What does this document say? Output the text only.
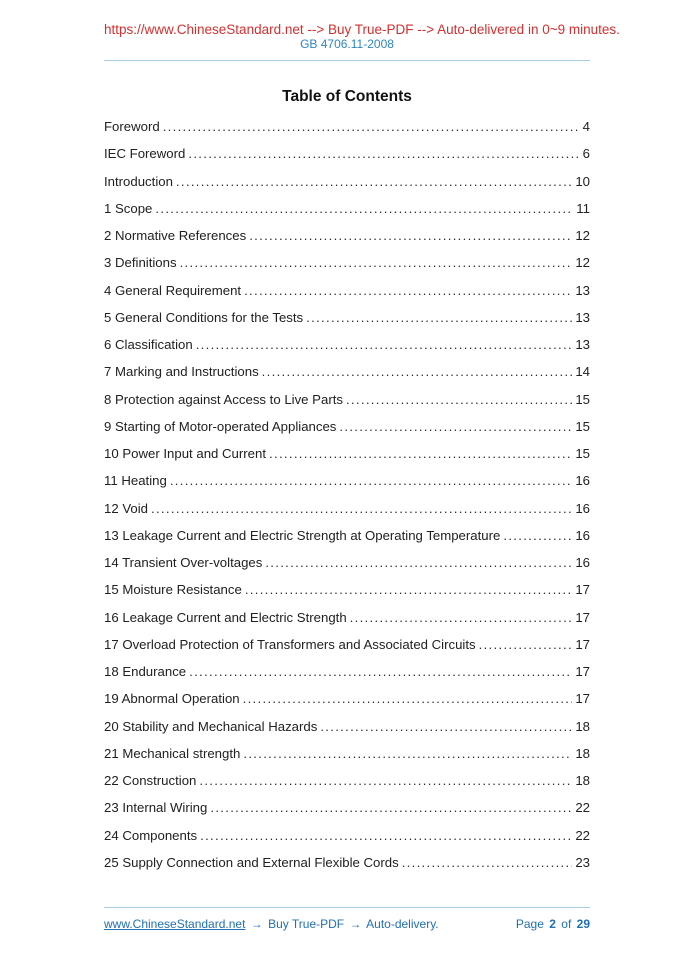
https://www.ChineseStandard.net --> Buy True-PDF --> Auto-delivered in 0~9 minutes.
GB 4706.11-2008
Table of Contents
Foreword .....	4
IEC Foreword .....	6
Introduction .....	10
1 Scope .....	11
2 Normative References .....	12
3 Definitions .....	12
4 General Requirement .....	13
5 General Conditions for the Tests .....	13
6 Classification .....	13
7 Marking and Instructions .....	14
8 Protection against Access to Live Parts .....	15
9 Starting of Motor-operated Appliances .....	15
10 Power Input and Current .....	15
11 Heating .....	16
12 Void .....	16
13 Leakage Current and Electric Strength at Operating Temperature .....	16
14 Transient Over-voltages .....	16
15 Moisture Resistance .....	17
16 Leakage Current and Electric Strength .....	17
17 Overload Protection of Transformers and Associated Circuits .....	17
18 Endurance .....	17
19 Abnormal Operation .....	17
20 Stability and Mechanical Hazards .....	18
21 Mechanical strength .....	18
22 Construction .....	18
23 Internal Wiring .....	22
24 Components .....	22
25 Supply Connection and External Flexible Cords .....	23
www.ChineseStandard.net → Buy True-PDF → Auto-delivery.	Page 2 of 29
